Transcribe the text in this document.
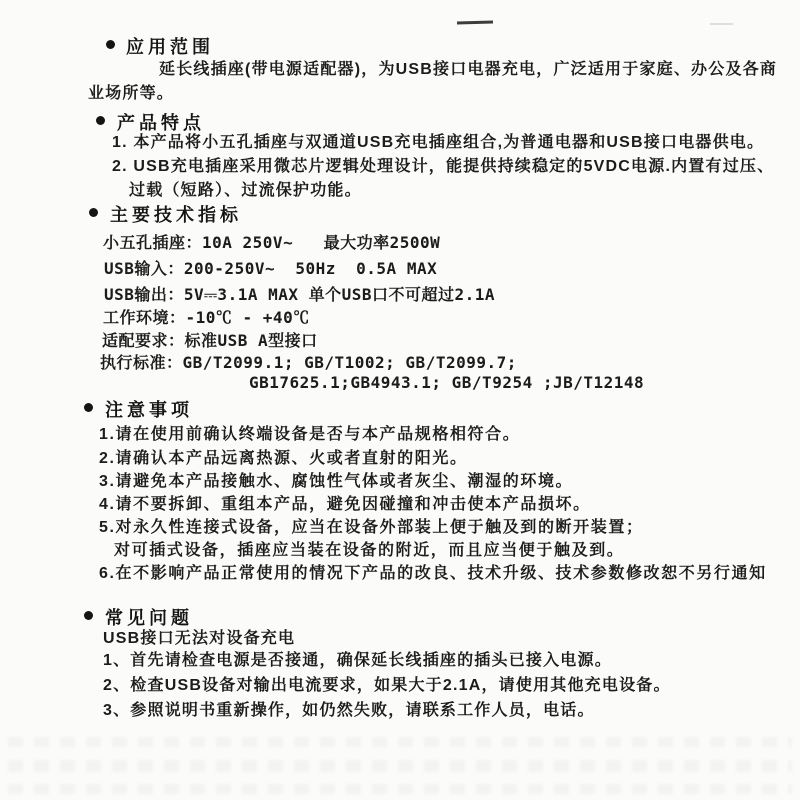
应用范围
延长线插座(带电源适配器)，为USB接口电器充电，广泛适用于家庭、办公及各商
业场所等。
产品特点
1. 本产品将小五孔插座与双通道USB充电插座组合,为普通电器和USB接口电器供电。
2. USB充电插座采用微芯片逻辑处理设计，能提供持续稳定的5VDC电源.内置有过压、
过载（短路）、过流保护功能。
主要技术指标
小五孔插座：10A 250V~   最大功率2500W
USB输入：200-250V~  50Hz  0.5A MAX
USB输出：5V⎓3.1A MAX 单个USB口不可超过2.1A
工作环境：-10℃ - +40℃
适配要求：标准USB A型接口
执行标准：GB/T2099.1; GB/T1002; GB/T2099.7;
GB17625.1;GB4943.1; GB/T9254 ;JB/T12148
注意事项
1.请在使用前确认终端设备是否与本产品规格相符合。
2.请确认本产品远离热源、火或者直射的阳光。
3.请避免本产品接触水、腐蚀性气体或者灰尘、潮湿的环境。
4.请不要拆卸、重组本产品，避免因碰撞和冲击使本产品损坏。
5.对永久性连接式设备，应当在设备外部装上便于触及到的断开装置；
对可插式设备，插座应当装在设备的附近，而且应当便于触及到。
6.在不影响产品正常使用的情况下产品的改良、技术升级、技术参数修改恕不另行通知
常见问题
USB接口无法对设备充电
1、首先请检查电源是否接通，确保延长线插座的插头已接入电源。
2、检查USB设备对输出电流要求，如果大于2.1A，请使用其他充电设备。
3、参照说明书重新操作，如仍然失败，请联系工作人员，电话。
